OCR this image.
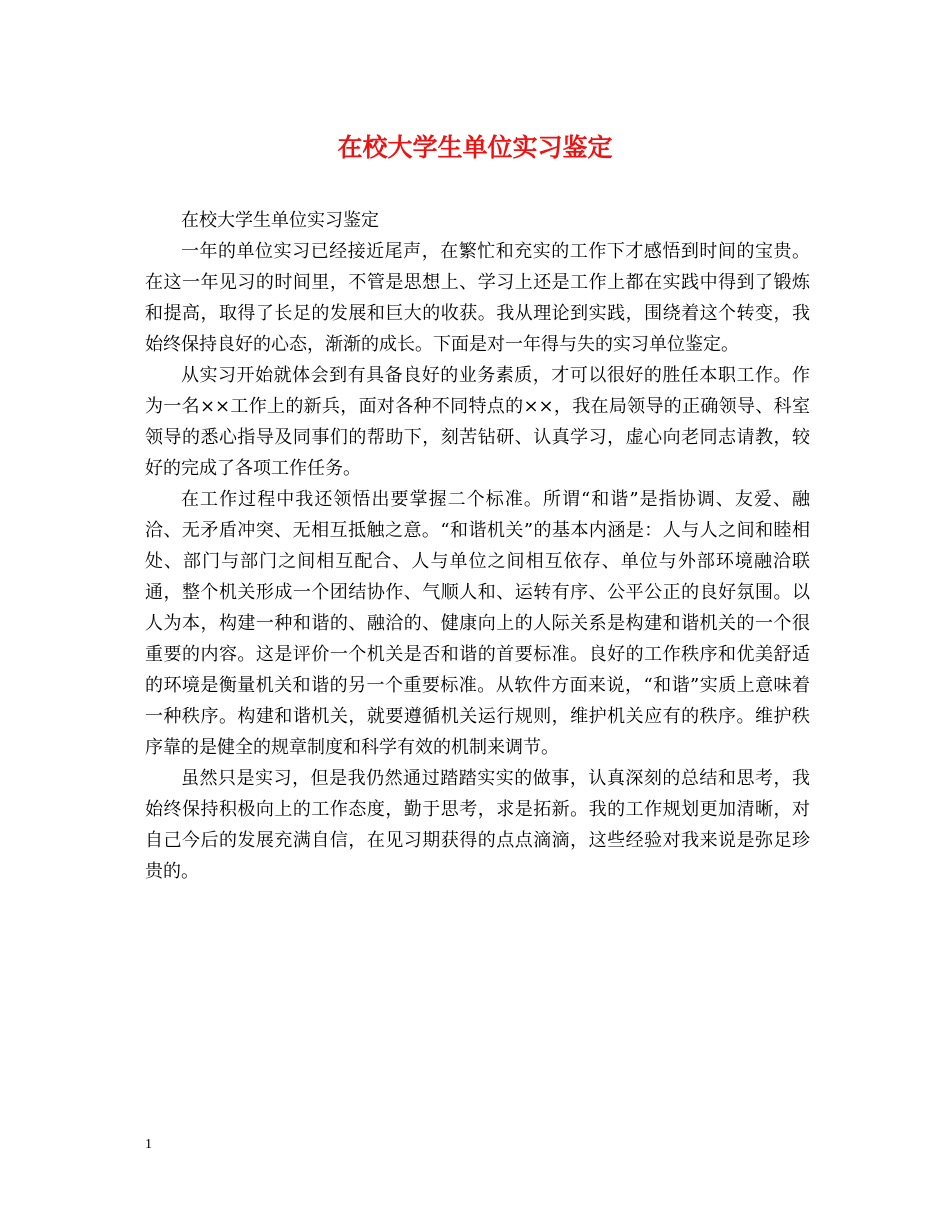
在校大学生单位实习鉴定

在校大学生单位实习鉴定

一年的单位实习已经接近尾声，在繁忙和充实的工作下才感悟到时间的宝贵。在这一年见习的时间里，不管是思想上、学习上还是工作上都在实践中得到了锻炼和提高，取得了长足的发展和巨大的收获。我从理论到实践，围绕着这个转变，我始终保持良好的心态，渐渐的成长。下面是对一年得与失的实习单位鉴定。

从实习开始就体会到有具备良好的业务素质，才可以很好的胜任本职工作。作为一名××工作上的新兵，面对各种不同特点的××，我在局领导的正确领导、科室领导的悉心指导及同事们的帮助下，刻苦钻研、认真学习，虚心向老同志请教，较好的完成了各项工作任务。

在工作过程中我还领悟出要掌握二个标准。所谓“和谐”是指协调、友爱、融洽、无矛盾冲突、无相互抵触之意。“和谐机关”的基本内涵是：人与人之间和睦相处、部门与部门之间相互配合、人与单位之间相互依存、单位与外部环境融洽联通，整个机关形成一个团结协作、气顺人和、运转有序、公平公正的良好氛围。以人为本，构建一种和谐的、融洽的、健康向上的人际关系是构建和谐机关的一个很重要的内容。这是评价一个机关是否和谐的首要标准。良好的工作秩序和优美舒适的环境是衡量机关和谐的另一个重要标准。从软件方面来说，“和谐”实质上意味着一种秩序。构建和谐机关，就要遵循机关运行规则，维护机关应有的秩序。维护秩序靠的是健全的规章制度和科学有效的机制来调节。

虽然只是实习，但是我仍然通过踏踏实实的做事，认真深刻的总结和思考，我始终保持积极向上的工作态度，勤于思考，求是拓新。我的工作规划更加清晰，对自己今后的发展充满自信，在见习期获得的点点滴滴，这些经验对我来说是弥足珍贵的。

1
